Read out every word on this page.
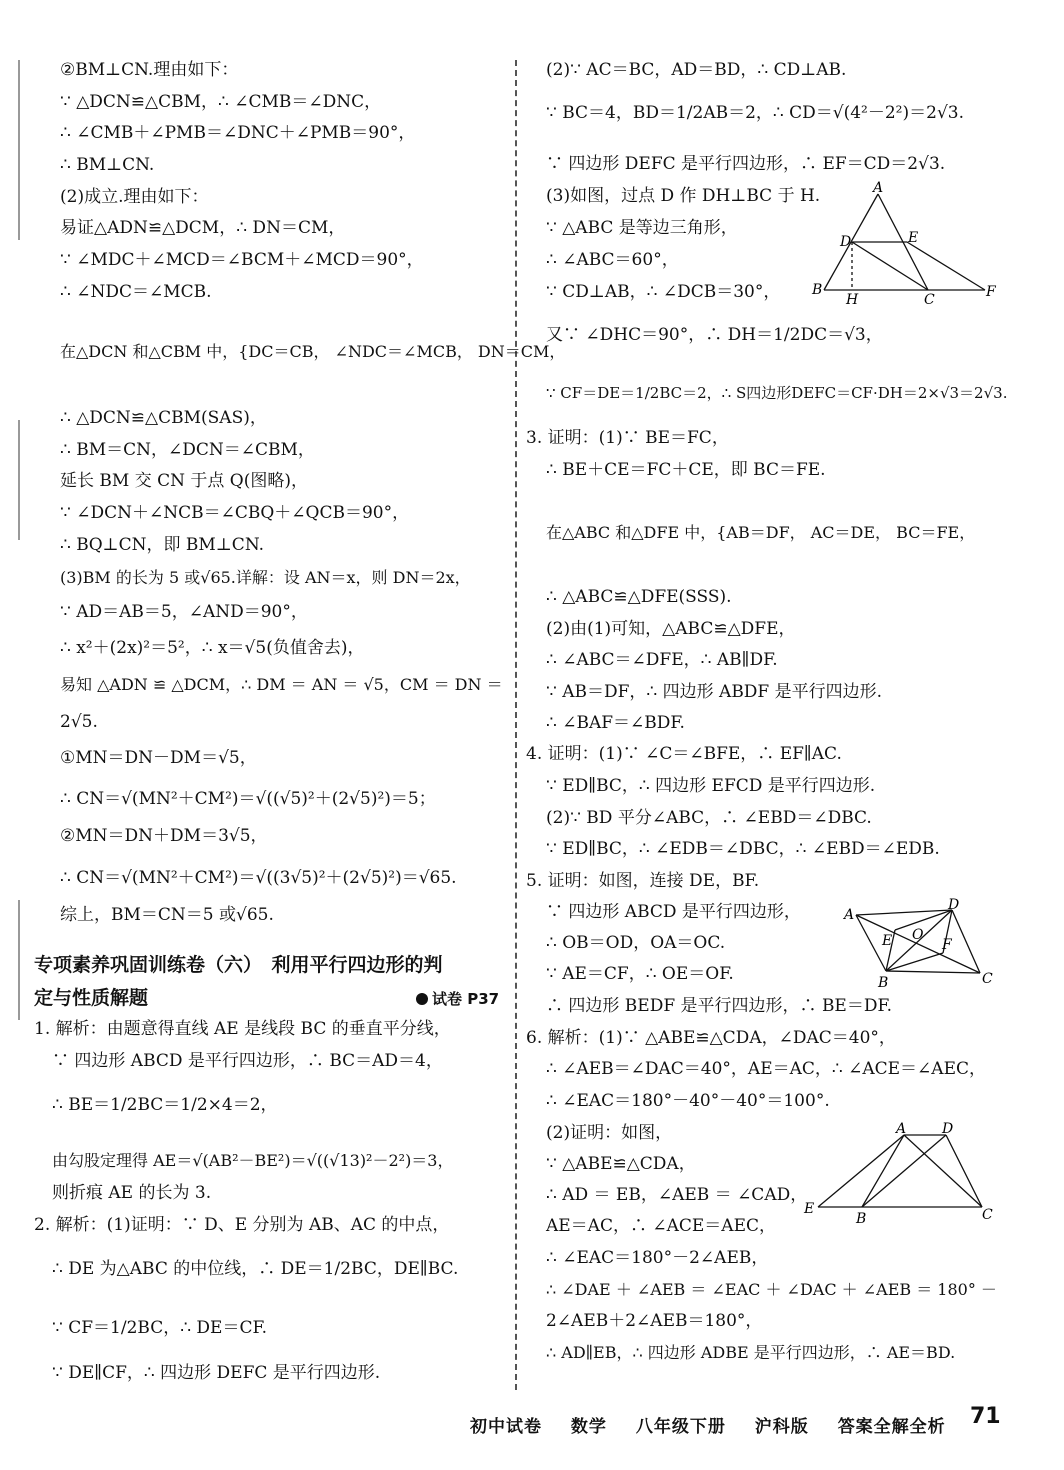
②BM⊥CN.理由如下：
∵ △DCN≌△CBM，∴ ∠CMB＝∠DNC，
∴ ∠CMB＋∠PMB＝∠DNC＋∠PMB＝90°，
∴ BM⊥CN.
(2)成立.理由如下：
易证△ADN≌△DCM，∴ DN＝CM，
∵ ∠MDC＋∠MCD＝∠BCM＋∠MCD＝90°，
∴ ∠NDC＝∠MCB.
在△DCN 和△CBM 中，{DC＝CB， ∠NDC＝∠MCB， DN＝CM，
∴ △DCN≌△CBM(SAS)，
∴ BM＝CN，∠DCN＝∠CBM，
延长 BM 交 CN 于点 Q(图略)，
∵ ∠DCN＋∠NCB＝∠CBQ＋∠QCB＝90°，
∴ BQ⊥CN，即 BM⊥CN.
(3)BM 的长为 5 或√65.详解：设 AN＝x，则 DN＝2x，
∵ AD＝AB＝5，∠AND＝90°，
∴ x²＋(2x)²＝5²，∴ x＝√5(负值舍去)，
易知 △ADN ≌ △DCM，∴ DM ＝ AN ＝ √5，CM ＝ DN ＝
2√5.
①MN＝DN－DM＝√5，
∴ CN＝√(MN²＋CM²)＝√((√5)²＋(2√5)²)＝5；
②MN＝DN＋DM＝3√5，
∴ CN＝√(MN²＋CM²)＝√((3√5)²＋(2√5)²)＝√65.
综上，BM＝CN＝5 或√65.
专项素养巩固训练卷（六）　利用平行四边形的判
定与性质解题	试卷 P37
1. 解析：由题意得直线 AE 是线段 BC 的垂直平分线，
∵ 四边形 ABCD 是平行四边形，∴ BC＝AD＝4，
∴ BE＝1/2BC＝1/2×4＝2，
由勾股定理得 AE＝√(AB²－BE²)＝√((√13)²－2²)＝3，
则折痕 AE 的长为 3.
2. 解析：(1)证明：∵ D、E 分别为 AB、AC 的中点，
∴ DE 为△ABC 的中位线，∴ DE＝1/2BC，DE∥BC.
∵ CF＝1/2BC，∴ DE＝CF.
∵ DE∥CF，∴ 四边形 DEFC 是平行四边形.
(2)∵ AC＝BC，AD＝BD，∴ CD⊥AB.
∵ BC＝4，BD＝1/2AB＝2，∴ CD＝√(4²－2²)＝2√3.
∵ 四边形 DEFC 是平行四边形，∴ EF＝CD＝2√3.
(3)如图，过点 D 作 DH⊥BC 于 H.
∵ △ABC 是等边三角形，
∴ ∠ABC＝60°，
∵ CD⊥AB，∴ ∠DCB＝30°，
又∵ ∠DHC＝90°，∴ DH＝1/2DC＝√3，
∵ CF＝DE＝1/2BC＝2，∴ S四边形DEFC＝CF·DH＝2×√3＝2√3.
3. 证明：(1)∵ BE＝FC，
∴ BE＋CE＝FC＋CE，即 BC＝FE.
在△ABC 和△DFE 中，{AB＝DF， AC＝DE， BC＝FE，
∴ △ABC≌△DFE(SSS).
(2)由(1)可知，△ABC≌△DFE，
∴ ∠ABC＝∠DFE，∴ AB∥DF.
∵ AB＝DF，∴ 四边形 ABDF 是平行四边形.
∴ ∠BAF＝∠BDF.
4. 证明：(1)∵ ∠C＝∠BFE，∴ EF∥AC.
∵ ED∥BC，∴ 四边形 EFCD 是平行四边形.
(2)∵ BD 平分∠ABC，∴ ∠EBD＝∠DBC.
∵ ED∥BC，∴ ∠EDB＝∠DBC，∴ ∠EBD＝∠EDB.
5. 证明：如图，连接 DE，BF.
∵ 四边形 ABCD 是平行四边形，
∴ OB＝OD，OA＝OC.
∵ AE＝CF，∴ OE＝OF.
∴ 四边形 BEDF 是平行四边形，∴ BE＝DF.
6. 解析：(1)∵ △ABE≌△CDA，∠DAC＝40°，
∴ ∠AEB＝∠DAC＝40°，AE＝AC，∴ ∠ACE＝∠AEC，
∴ ∠EAC＝180°－40°－40°＝100°.
(2)证明：如图，
∵ △ABE≌△CDA，
∴ AD ＝ EB，∠AEB ＝ ∠CAD，
AE＝AC，∴ ∠ACE＝AEC，
∴ ∠EAC＝180°－2∠AEB，
∴ ∠DAE ＋ ∠AEB ＝ ∠EAC ＋ ∠DAC ＋ ∠AEB ＝ 180° －
2∠AEB＋2∠AEB＝180°，
∴ AD∥EB，∴ 四边形 ADBE 是平行四边形，∴ AE＝BD.
A
D	E
B
H	C	F
A
D
E O
F
B	C
A	D
E
B	C
初中试卷 数学 八年级下册 沪科版 答案全解全析	71
